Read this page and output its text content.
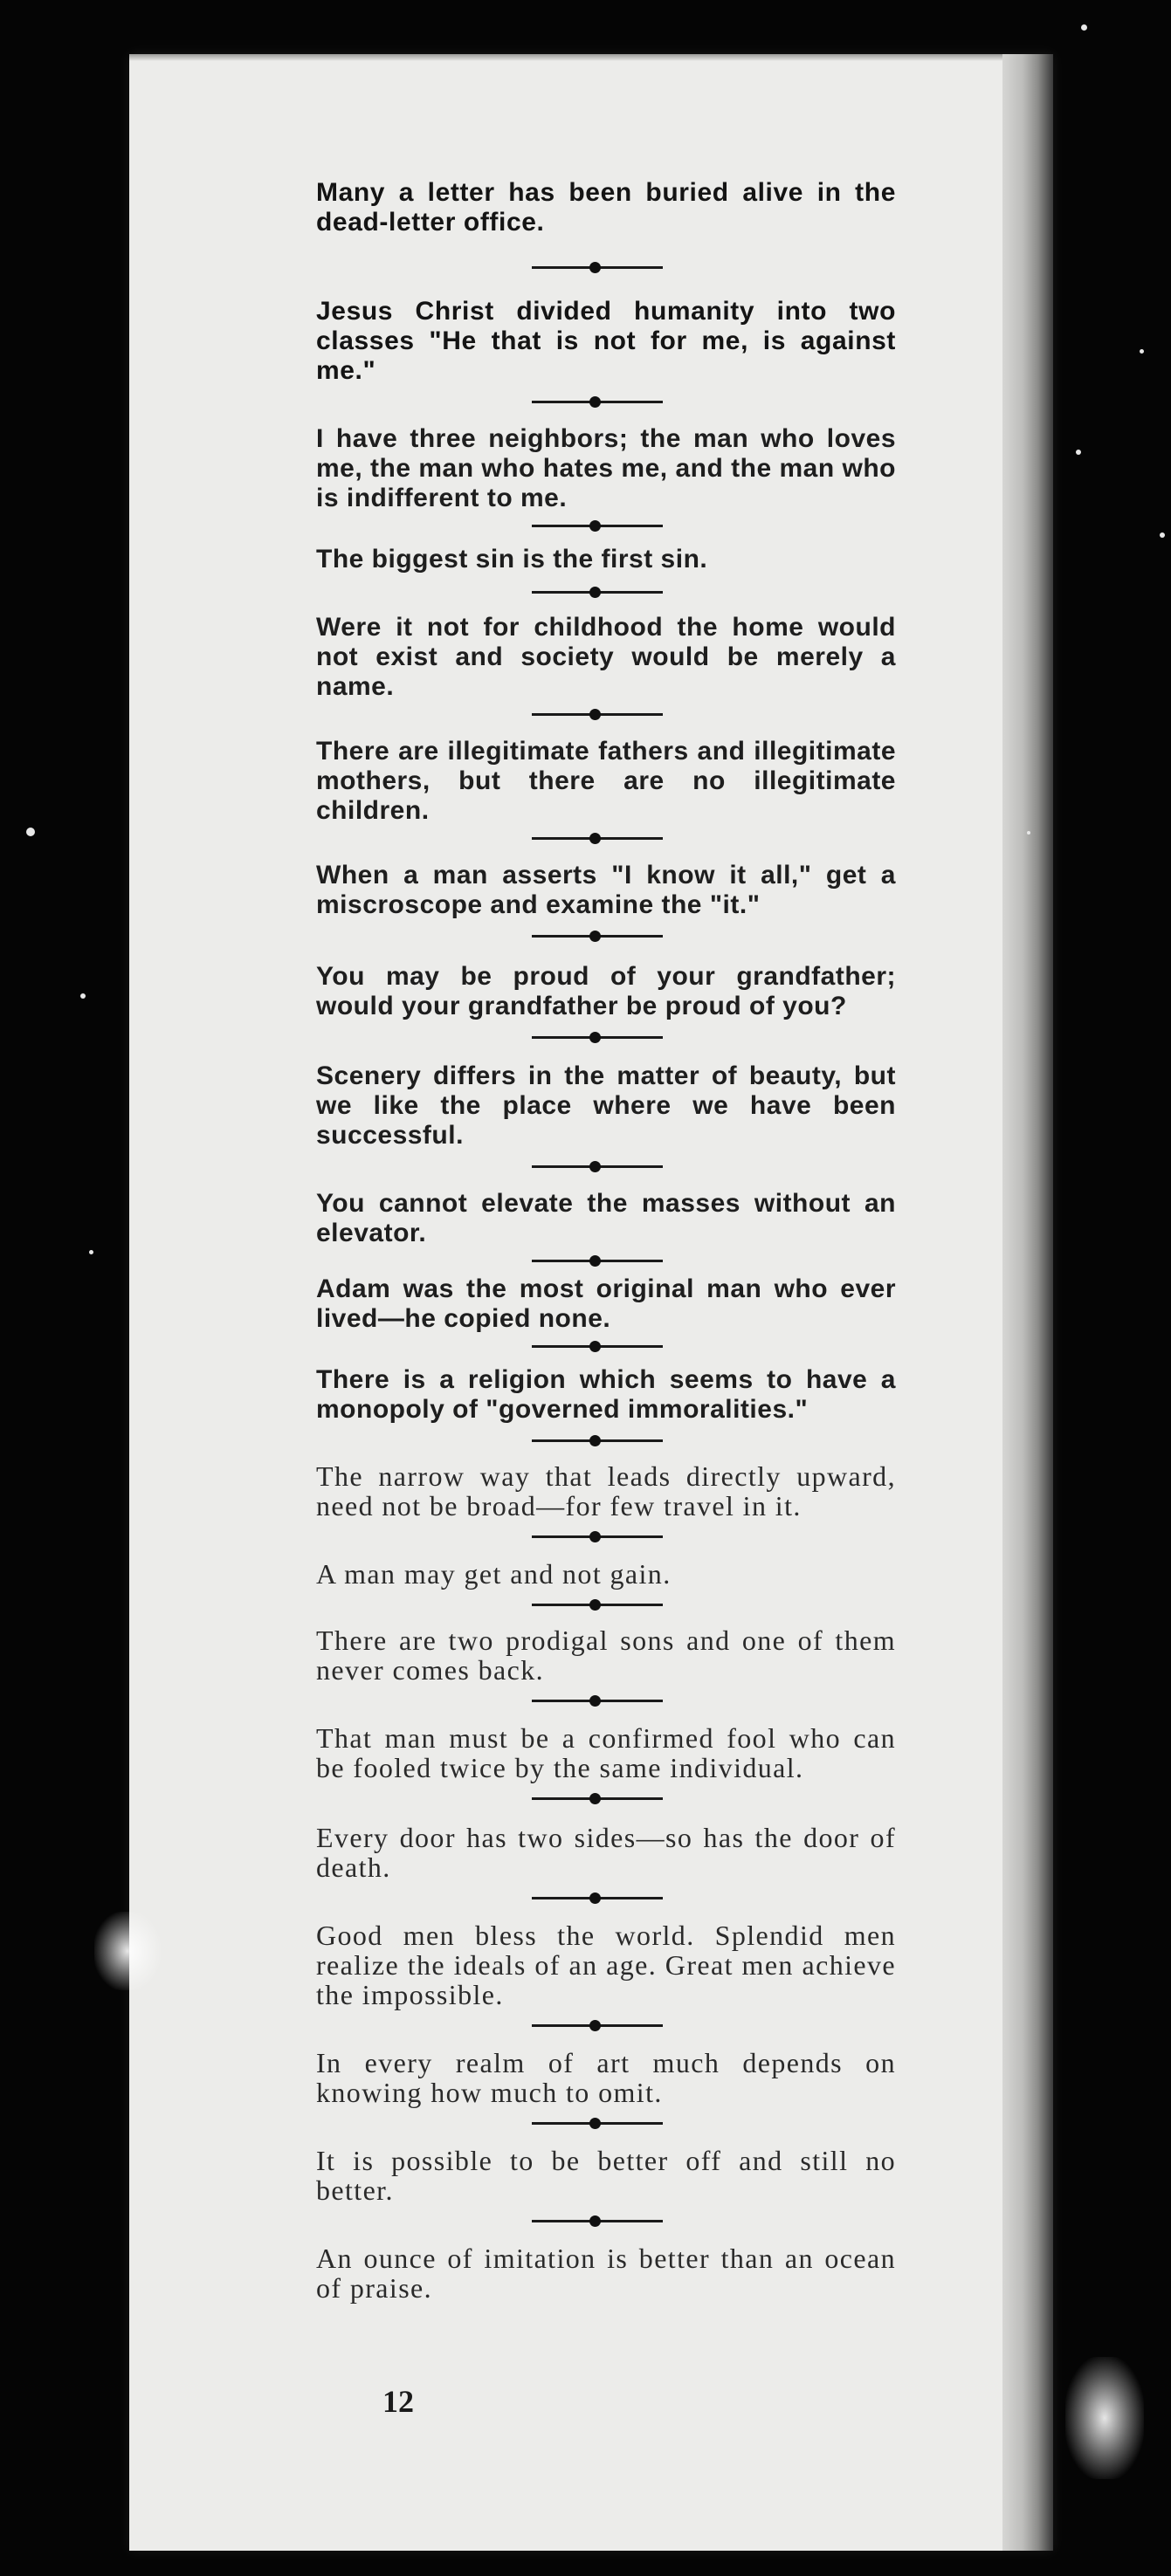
Many a letter has been buried alive in the dead-letter office.

Jesus Christ divided humanity into two classes "He that is not for me, is against me."

I have three neighbors; the man who loves me, the man who hates me, and the man who is indifferent to me.

The biggest sin is the first sin.

Were it not for childhood the home would not exist and society would be merely a name.

There are illegitimate fathers and illegitimate mothers, but there are no illegitimate children.

When a man asserts "I know it all," get a miscroscope and examine the "it."

You may be proud of your grandfather; would your grandfather be proud of you?

Scenery differs in the matter of beauty, but we like the place where we have been successful.

You cannot elevate the masses without an elevator.

Adam was the most original man who ever lived—he copied none.

There is a religion which seems to have a monopoly of "governed immoralities."

The narrow way that leads directly upward, need not be broad—for few travel in it.

A man may get and not gain.

There are two prodigal sons and one of them never comes back.

That man must be a confirmed fool who can be fooled twice by the same individual.

Every door has two sides—so has the door of death.

Good men bless the world. Splendid men realize the ideals of an age. Great men achieve the impossible.

In every realm of art much depends on knowing how much to omit.

It is possible to be better off and still no better.

An ounce of imitation is better than an ocean of praise.

12
